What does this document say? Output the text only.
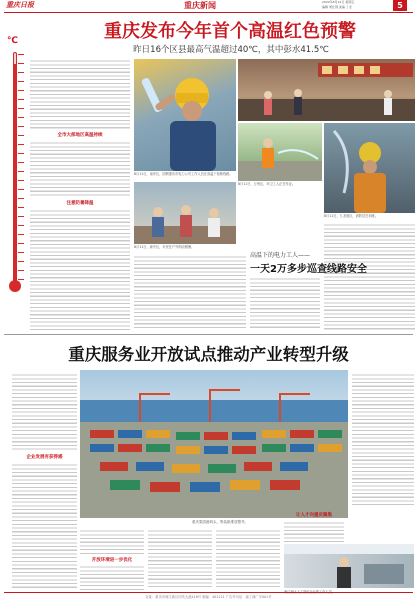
重庆日报	重庆新闻	2022年8月12日 星期五
编辑 周仕钢 美编 丁龙	5
℃	重庆发布今年首个高温红色预警
昨日16个区县最高气温超过40℃，其中彭水41.5℃
全市大部地区高温持续
注意防暑降温
8月11日，南岸区，国网重庆市电力公司工作人员在高温下检修线路。
8月11日，万州区，环卫工人正在作业。
8月11日，九龙坡区，消防员在训练。
8月11日，渝中区，市民在户外纳凉避暑。
高温下的电力工人——
一天2万多步巡查线路安全
重庆服务业开放试点推动产业转型升级
企业发展有获得感
重庆果园港码头，集装箱堆放整齐。
开放环境进一步优化
让人才向重庆聚集
社址：重庆市两江新区同茂大道416号 邮编：401121 广告许可证：渝工商广字001号
